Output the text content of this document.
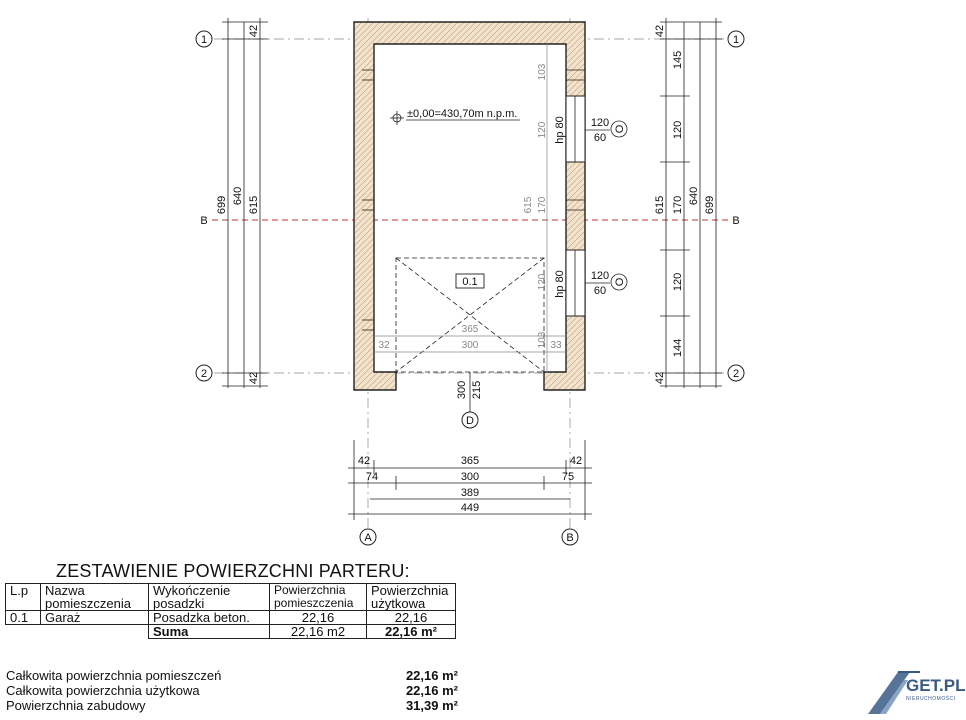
0.1
±0,00=430,70m n.p.m.
365
300
32	33
103
120
615 170
120
103
hp 80
hp 80
120
60
O
120
60
O
699 640 615
42
42
42
615
42
145
120
170
120
144
640 699
1	1
2	2
A	B
B	B
300 215
D
42	365	42
74	300	75
389
449
ZESTAWIENIE POWIERZCHNI PARTERU:
L.p	Nazwa pomieszczenia	Wykończenie posadzki	Powierzchnia pomieszczenia	Powierzchnia użytkowa
0.1	Garaż	Posadzka beton.	22,16	22,16
		Suma	22,16 m2	22,16 m²
Całkowita powierzchnia pomieszczeń	22,16 m²
Całkowita powierzchnia użytkowa	22,16 m²
Powierzchnia zabudowy	31,39 m²
GET.PL
NIERUCHOMOŚCI
